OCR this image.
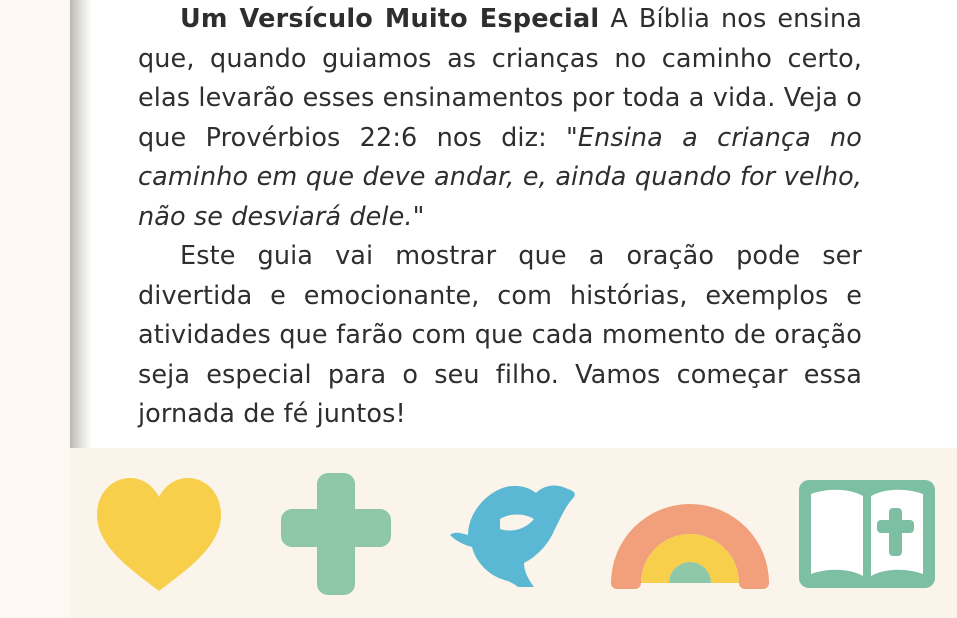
Um Versículo Muito Especial A Bíblia nos ensina que, quando guiamos as crianças no caminho certo, elas levarão esses ensinamentos por toda a vida. Veja o que Provérbios 22:6 nos diz: "Ensina a criança no caminho em que deve andar, e, ainda quando for velho, não se desviará dele."

Este guia vai mostrar que a oração pode ser divertida e emocionante, com histórias, exemplos e atividades que farão com que cada momento de oração seja especial para o seu filho. Vamos começar essa jornada de fé juntos!
